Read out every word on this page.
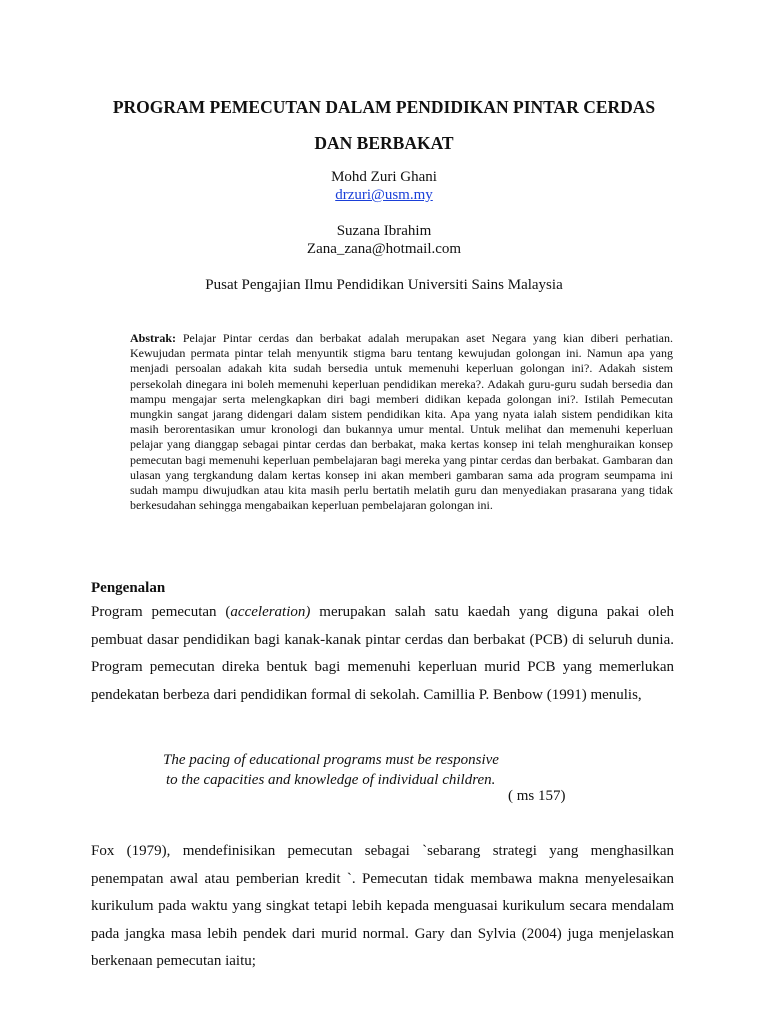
PROGRAM PEMECUTAN DALAM PENDIDIKAN PINTAR CERDAS
DAN BERBAKAT

Mohd Zuri Ghani

drzuri@usm.my

Suzana Ibrahim

Zana_zana@hotmail.com

Pusat Pengajian Ilmu Pendidikan Universiti Sains Malaysia

Abstrak: Pelajar Pintar cerdas dan berbakat adalah merupakan aset Negara yang kian diberi perhatian. Kewujudan permata pintar telah menyuntik stigma baru tentang kewujudan golongan ini. Namun apa yang menjadi persoalan adakah kita sudah bersedia untuk memenuhi keperluan golongan ini?. Adakah sistem persekolah dinegara ini boleh memenuhi keperluan pendidikan mereka?. Adakah guru-guru sudah bersedia dan mampu mengajar serta melengkapkan diri bagi memberi didikan kepada golongan ini?. Istilah Pemecutan mungkin sangat jarang didengari dalam sistem pendidikan kita. Apa yang nyata ialah sistem pendidikan kita masih berorentasikan umur kronologi dan bukannya umur mental. Untuk melihat dan memenuhi keperluan pelajar yang dianggap sebagai pintar cerdas dan berbakat, maka kertas konsep ini telah menghuraikan konsep pemecutan bagi memenuhi keperluan pembelajaran bagi mereka yang pintar cerdas dan berbakat. Gambaran dan ulasan yang tergkandung dalam kertas konsep ini akan memberi gambaran sama ada program seumpama ini sudah mampu diwujudkan atau kita masih perlu bertatih melatih guru dan menyediakan prasarana yang tidak berkesudahan sehingga mengabaikan keperluan pembelajaran golongan ini.

Pengenalan

Program pemecutan (acceleration) merupakan salah satu kaedah yang diguna pakai oleh pembuat dasar pendidikan bagi kanak-kanak pintar cerdas dan berbakat (PCB) di seluruh dunia. Program pemecutan direka bentuk bagi memenuhi keperluan murid PCB yang memerlukan pendekatan berbeza dari pendidikan formal di sekolah. Camillia P. Benbow (1991) menulis,

The pacing of educational programs must be responsive
to the capacities and knowledge of individual children.

( ms 157)

Fox (1979), mendefinisikan pemecutan sebagai `sebarang strategi yang menghasilkan penempatan awal atau pemberian kredit `. Pemecutan tidak membawa makna menyelesaikan kurikulum pada waktu yang singkat tetapi lebih kepada menguasai kurikulum secara mendalam pada jangka masa lebih pendek dari murid normal. Gary dan Sylvia (2004) juga menjelaskan berkenaan pemecutan iaitu;
